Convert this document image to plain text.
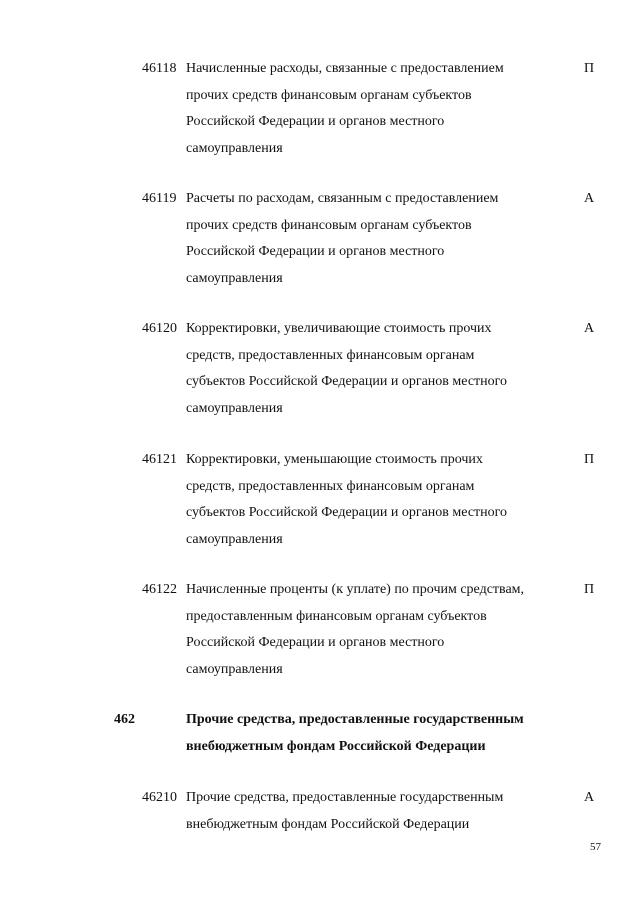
46118 Начисленные расходы, связанные с предоставлением
прочих средств финансовым органам субъектов
Российской Федерации и органов местного
самоуправления
П
46119 Расчеты по расходам, связанным с предоставлением
прочих средств финансовым органам субъектов
Российской Федерации и органов местного
самоуправления
А
46120 Корректировки, увеличивающие стоимость прочих
средств, предоставленных финансовым органам
субъектов Российской Федерации и органов местного
самоуправления
А
46121 Корректировки, уменьшающие стоимость прочих
средств, предоставленных финансовым органам
субъектов Российской Федерации и органов местного
самоуправления
П
46122 Начисленные проценты (к уплате) по прочим средствам,
предоставленным финансовым органам субъектов
Российской Федерации и органов местного
самоуправления
П
462	Прочие средства, предоставленные государственным
внебюджетным фондам Российской Федерации
46210 Прочие средства, предоставленные государственным
внебюджетным фондам Российской Федерации
А
57
